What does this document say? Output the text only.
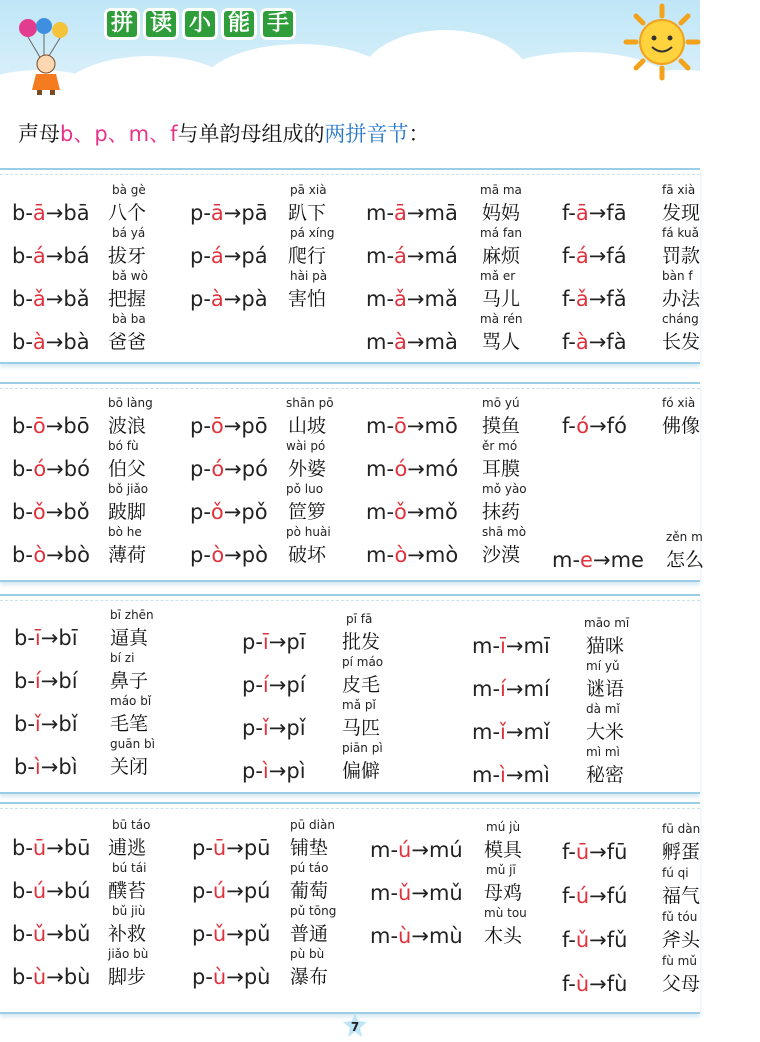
拼 读 小 能 手
声母b、p、m、f与单韵母组成的两拼音节：
b-ā→bā
bà gè
八个
b-á→bá
bá yá
拔牙
b-ǎ→bǎ
bǎ wò
把握
b-à→bà
bà ba
爸爸
p-ā→pā
pā xià
趴下
p-á→pá
pá xíng
爬行
p-à→pà
hài pà
害怕
m-ā→mā
mā ma
妈妈
m-á→má
má fan
麻烦
m-ǎ→mǎ
mǎ er
马儿
m-à→mà
mà rén
骂人
f-ā→fā
fā xià
发现
f-á→fá
fá kuǎ
罚款
f-ǎ→fǎ
bàn f
办法
f-à→fà
cháng
长发
b-ō→bō
bō làng
波浪
b-ó→bó
bó fù
伯父
b-ǒ→bǒ
bǒ jiǎo
跛脚
b-ò→bò
bò he
薄荷
p-ō→pō
shān pō
山坡
p-ó→pó
wài pó
外婆
p-ǒ→pǒ
pǒ luo
笸箩
p-ò→pò
pò huài
破坏
m-ō→mō
mō yú
摸鱼
m-ó→mó
ěr mó
耳膜
m-ǒ→mǒ
mǒ yào
抹药
m-ò→mò
shā mò
沙漠
f-ó→fó
fó xià
佛像
m-e→me
zěn m
怎么
b-ī→bī
bī zhēn
逼真
b-í→bí
bí zi
鼻子
b-ǐ→bǐ
máo bǐ
毛笔
b-ì→bì
guān bì
关闭
p-ī→pī
pī fā
批发
p-í→pí
pí máo
皮毛
p-ǐ→pǐ
mǎ pǐ
马匹
p-ì→pì
piān pì
偏僻
m-ī→mī
māo mī
猫咪
m-í→mí
mí yǔ
谜语
m-ǐ→mǐ
dà mǐ
大米
m-ì→mì
mì mì
秘密
b-ū→bū
bū táo
逋逃
b-ú→bú
bú tái
醭苔
b-ǔ→bǔ
bǔ jiù
补救
b-ù→bù
jiǎo bù
脚步
p-ū→pū
pū diàn
铺垫
p-ú→pú
pú táo
葡萄
p-ǔ→pǔ
pǔ tōng
普通
p-ù→pù
pù bù
瀑布
m-ú→mú
mú jù
模具
m-ǔ→mǔ
mǔ jī
母鸡
m-ù→mù
mù tou
木头
f-ū→fū
fū dàn
孵蛋
f-ú→fú
fú qi
福气
f-ǔ→fǔ
fǔ tóu
斧头
f-ù→fù
fù mǔ
父母
7
